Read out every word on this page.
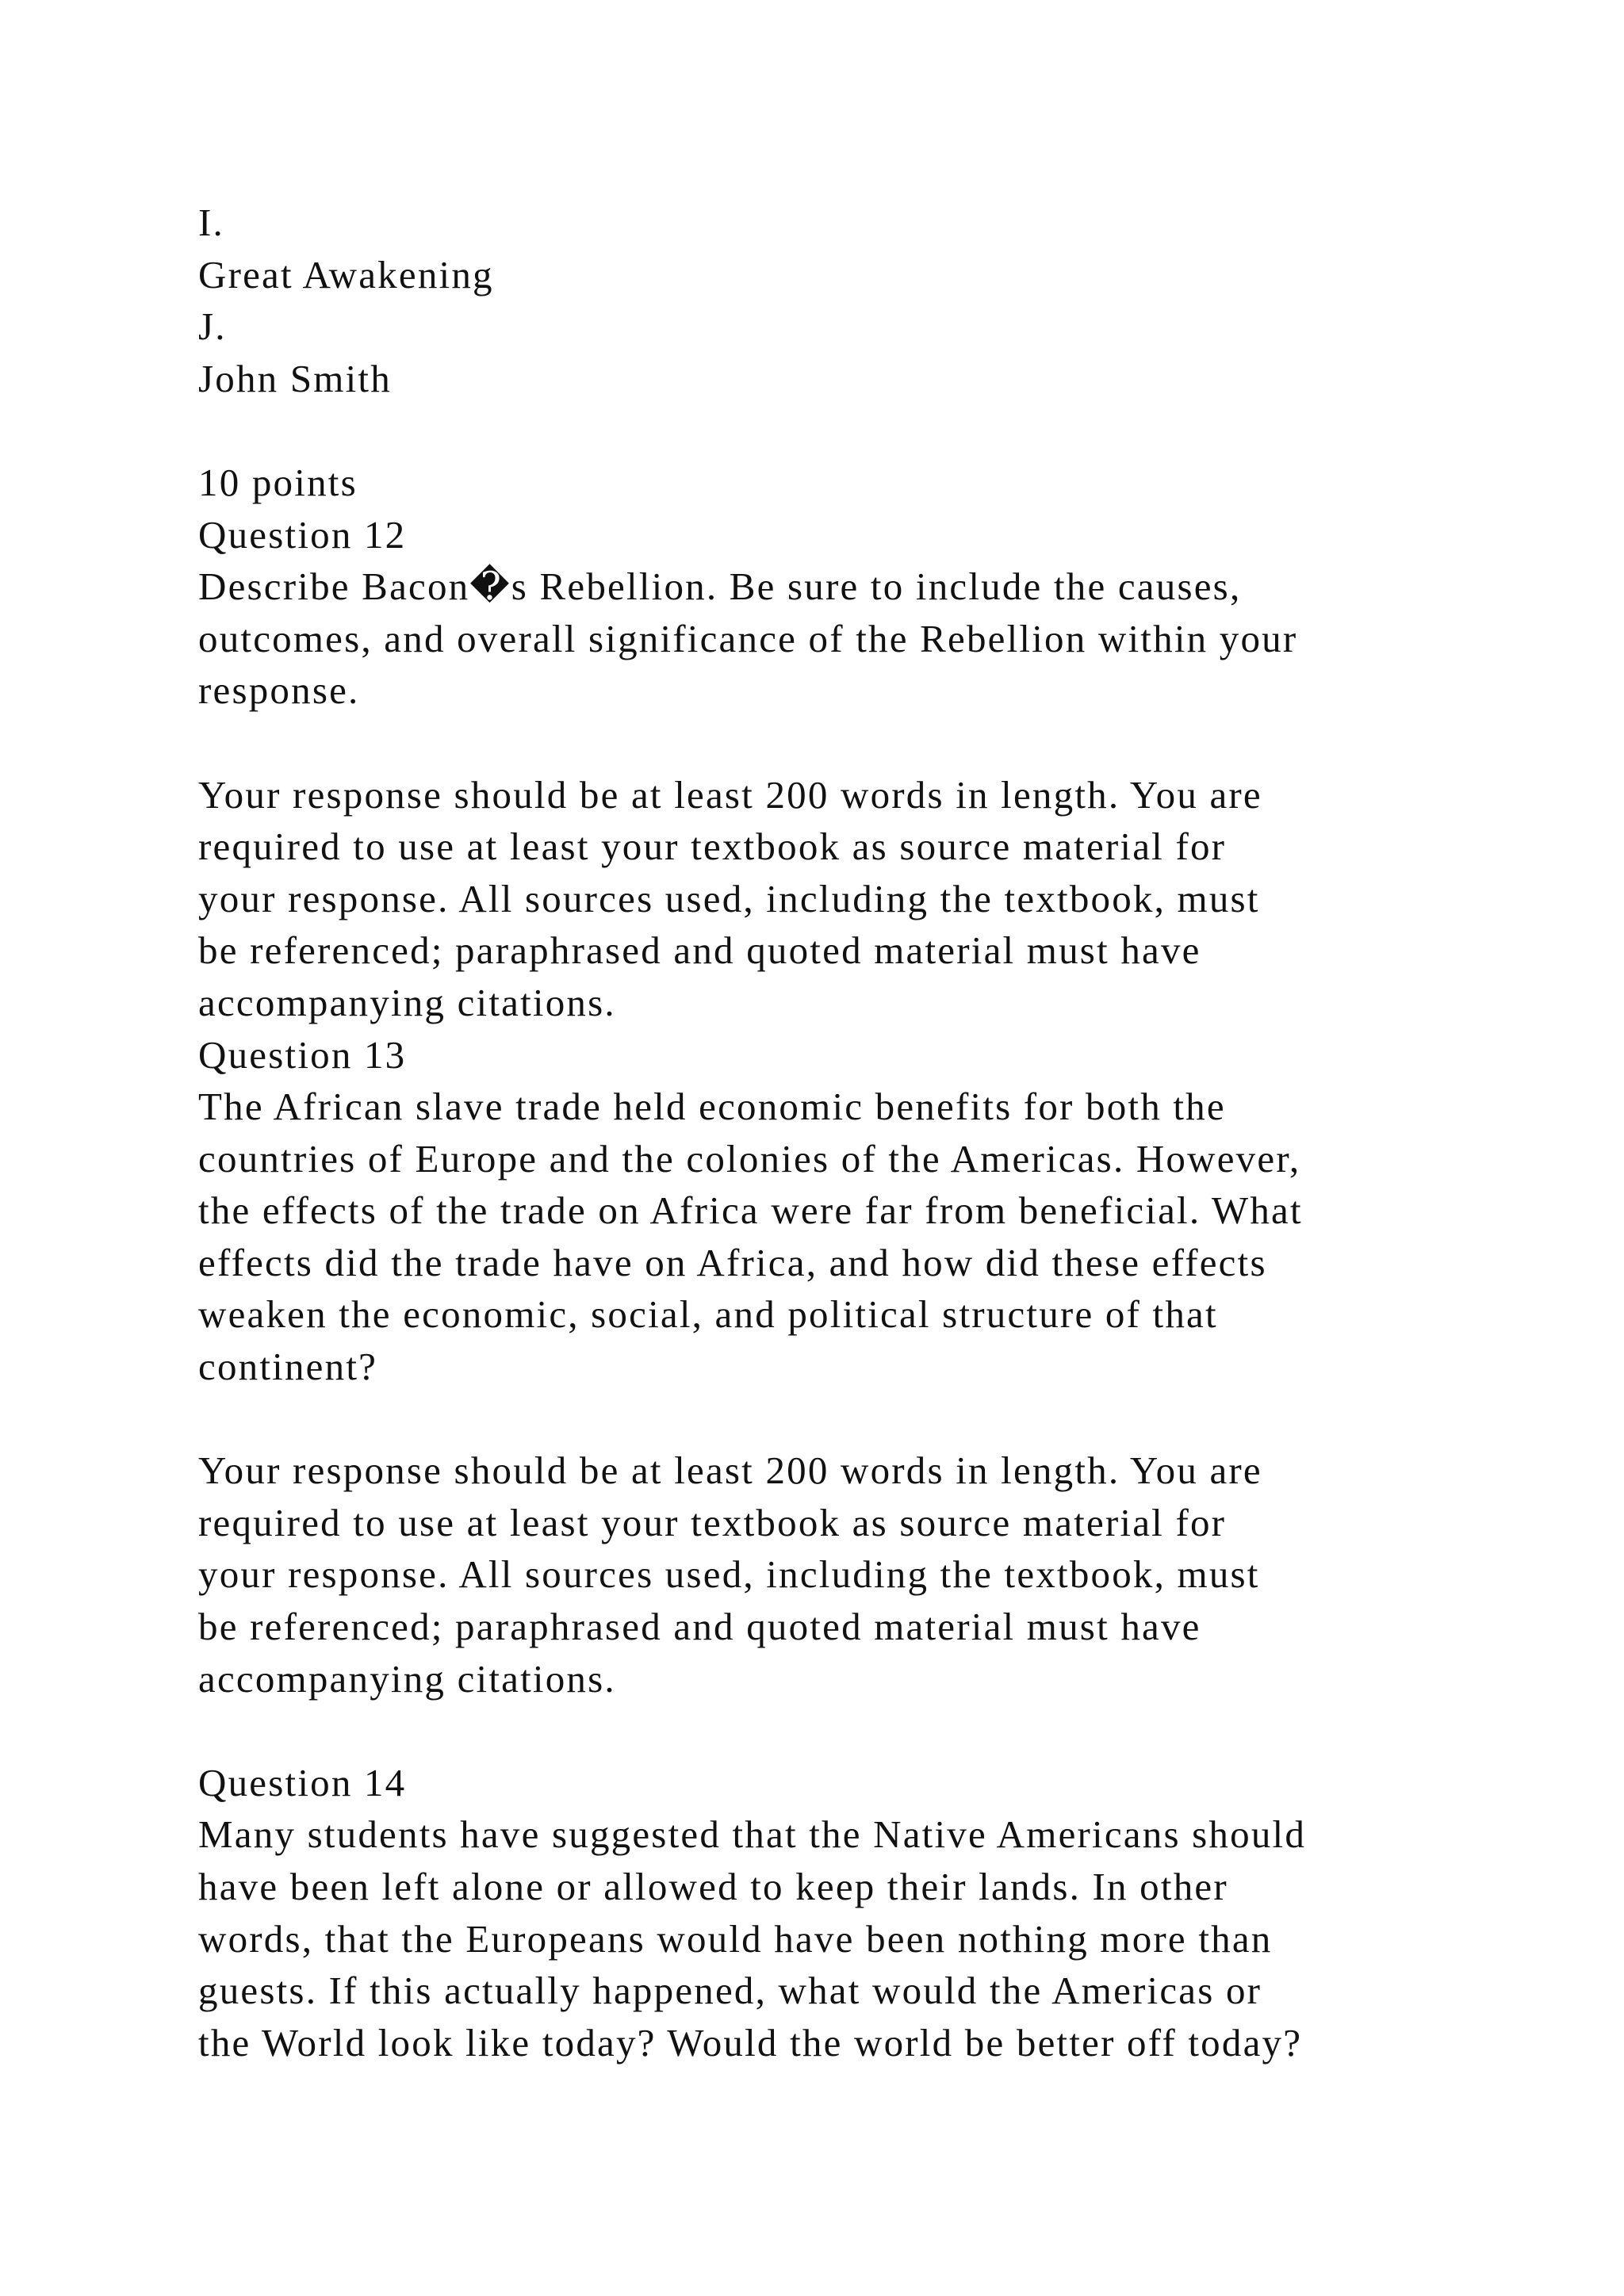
I.
Great Awakening
J.
John Smith
10 points
Question 12
Describe Bacon�s Rebellion. Be sure to include the causes,
outcomes, and overall significance of the Rebellion within your
response.
Your response should be at least 200 words in length. You are
required to use at least your textbook as source material for
your response. All sources used, including the textbook, must
be referenced; paraphrased and quoted material must have
accompanying citations.
Question 13
The African slave trade held economic benefits for both the
countries of Europe and the colonies of the Americas. However,
the effects of the trade on Africa were far from beneficial. What
effects did the trade have on Africa, and how did these effects
weaken the economic, social, and political structure of that
continent?
Your response should be at least 200 words in length. You are
required to use at least your textbook as source material for
your response. All sources used, including the textbook, must
be referenced; paraphrased and quoted material must have
accompanying citations.
Question 14
Many students have suggested that the Native Americans should
have been left alone or allowed to keep their lands. In other
words, that the Europeans would have been nothing more than
guests. If this actually happened, what would the Americas or
the World look like today? Would the world be better off today?
